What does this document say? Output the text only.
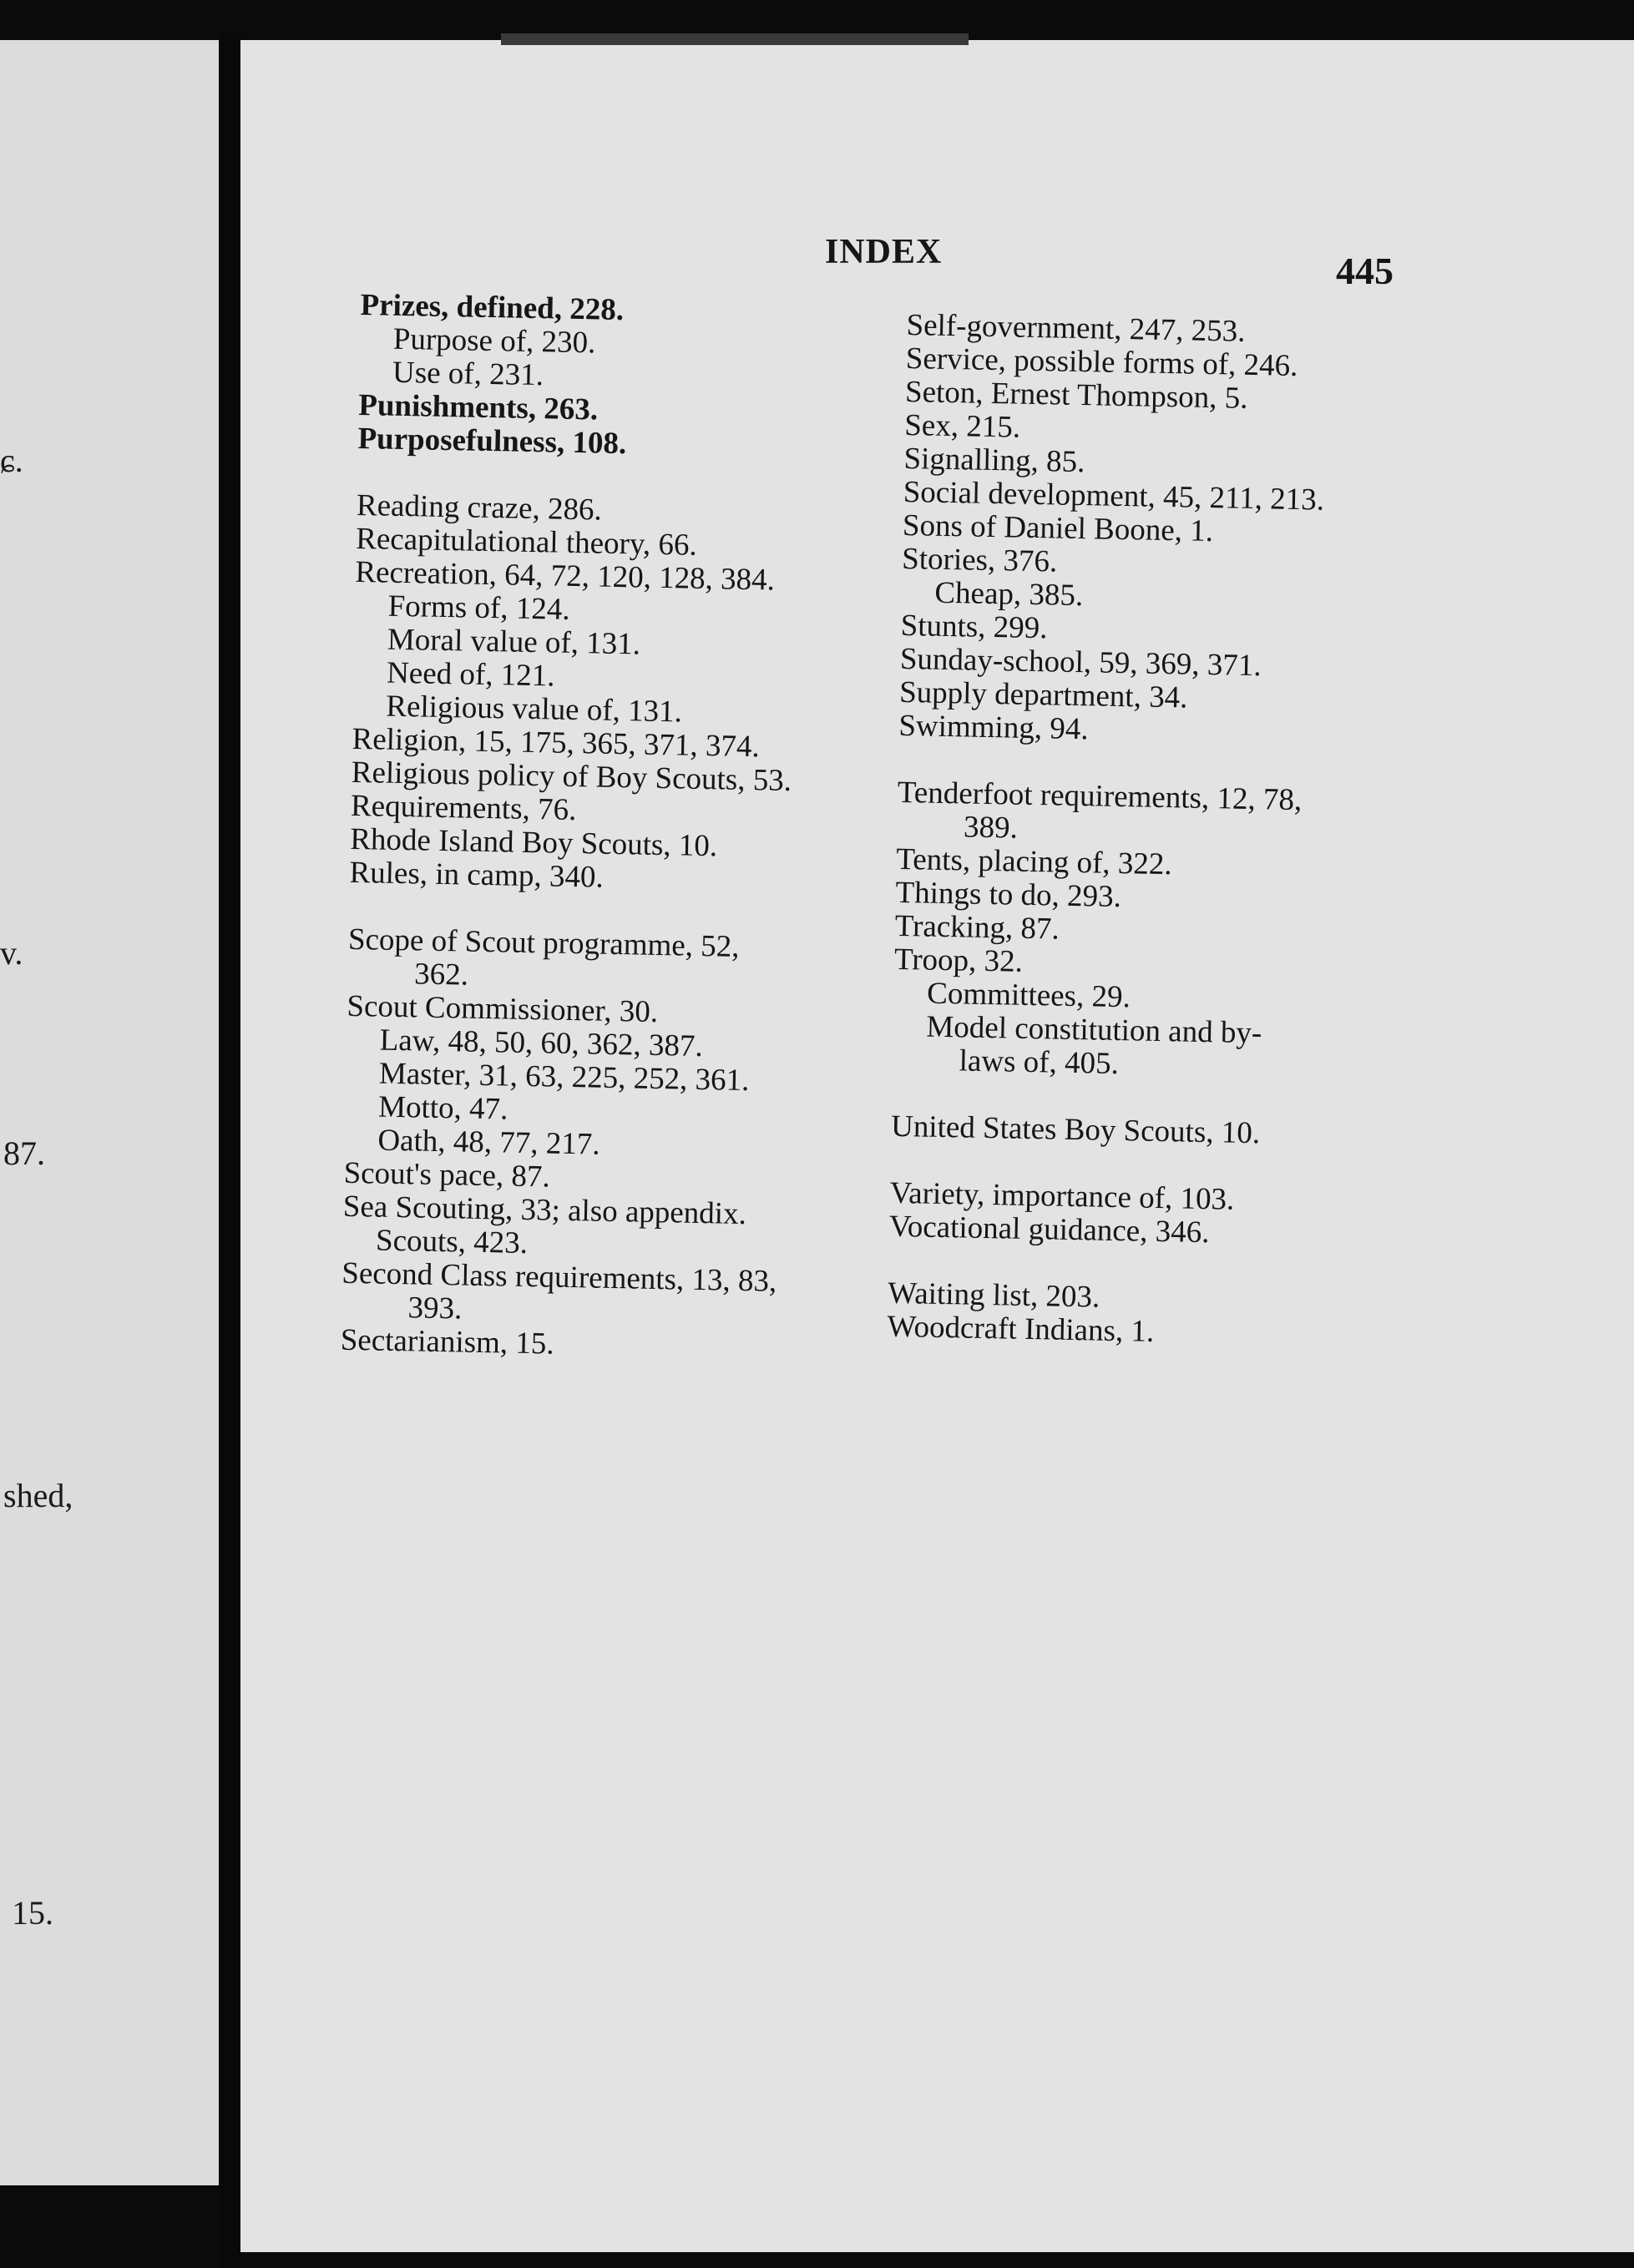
ɕ.
v.
87.
shed,
15.
INDEX	445
Prizes, defined, 228.
Purpose of, 230.
Use of, 231.
Punishments, 263.
Purposefulness, 108.
Reading craze, 286.
Recapitulational theory, 66.
Recreation, 64, 72, 120, 128, 384.
Forms of, 124.
Moral value of, 131.
Need of, 121.
Religious value of, 131.
Religion, 15, 175, 365, 371, 374.
Religious policy of Boy Scouts, 53.
Requirements, 76.
Rhode Island Boy Scouts, 10.
Rules, in camp, 340.
Scope of Scout programme, 52,
362.
Scout Commissioner, 30.
Law, 48, 50, 60, 362, 387.
Master, 31, 63, 225, 252, 361.
Motto, 47.
Oath, 48, 77, 217.
Scout's pace, 87.
Sea Scouting, 33; also appendix.
Scouts, 423.
Second Class requirements, 13, 83,
393.
Sectarianism, 15.
Self-government, 247, 253.
Service, possible forms of, 246.
Seton, Ernest Thompson, 5.
Sex, 215.
Signalling, 85.
Social development, 45, 211, 213.
Sons of Daniel Boone, 1.
Stories, 376.
Cheap, 385.
Stunts, 299.
Sunday-school, 59, 369, 371.
Supply department, 34.
Swimming, 94.
Tenderfoot requirements, 12, 78,
389.
Tents, placing of, 322.
Things to do, 293.
Tracking, 87.
Troop, 32.
Committees, 29.
Model constitution and by-
laws of, 405.
United States Boy Scouts, 10.
Variety, importance of, 103.
Vocational guidance, 346.
Waiting list, 203.
Woodcraft Indians, 1.
